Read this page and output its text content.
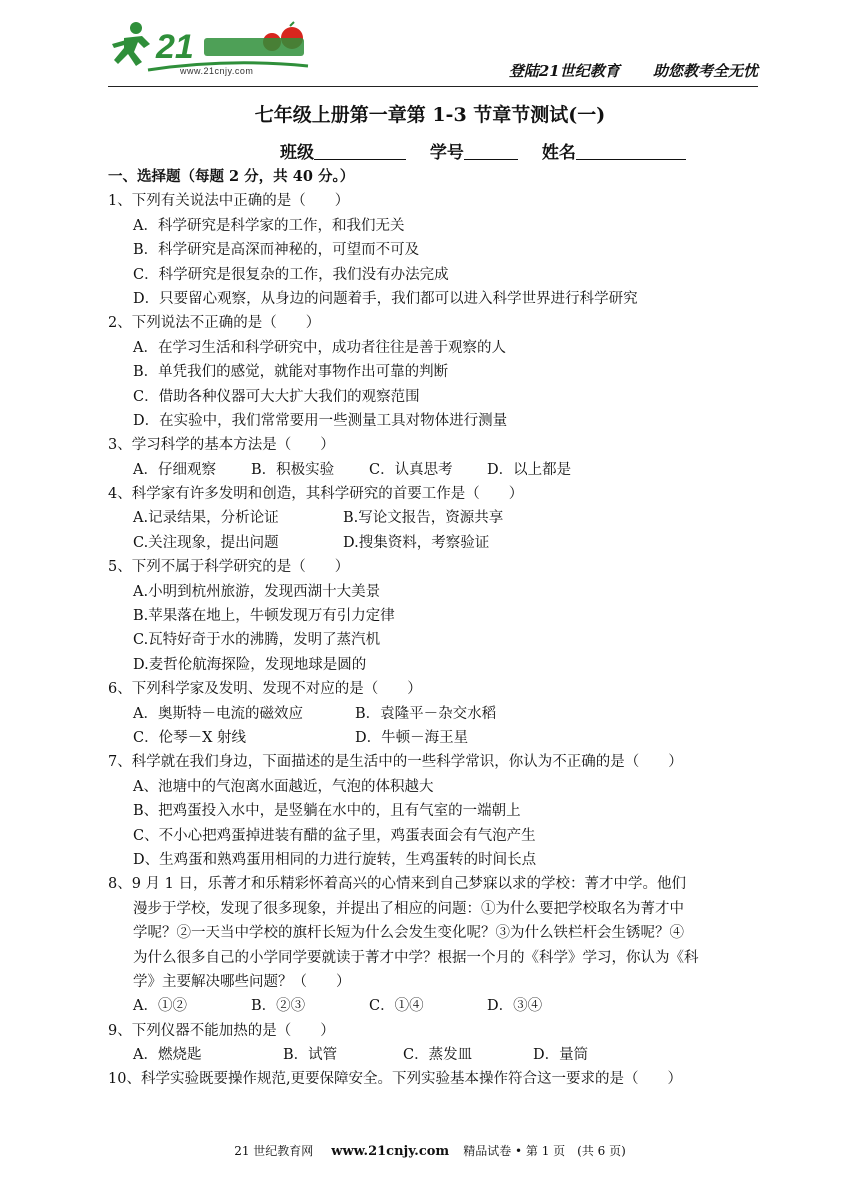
21
www.21cnjy.com	登陆21世纪教育 助您教考全无忧
七年级上册第一章第 1-3 节章节测试(一)
班级	学号	姓名
一、选择题（每题 2 分，共 40 分。）
1、下列有关说法中正确的是（　　）
A．科学研究是科学家的工作，和我们无关
B．科学研究是高深而神秘的，可望而不可及
C．科学研究是很复杂的工作，我们没有办法完成
D．只要留心观察，从身边的问题着手，我们都可以进入科学世界进行科学研究
2、下列说法不正确的是（　　）
A．在学习生活和科学研究中，成功者往往是善于观察的人
B．单凭我们的感觉，就能对事物作出可靠的判断
C．借助各种仪器可大大扩大我们的观察范围
D．在实验中，我们常常要用一些测量工具对物体进行测量
3、学习科学的基本方法是（　　）
A．仔细观察 B．积极实验 C．认真思考 D．以上都是
4、科学家有许多发明和创造，其科学研究的首要工作是（　　）
A.记录结果，分析论证	B.写论文报告，资源共享
C.关注现象，提出问题	D.搜集资料，考察验证
5、下列不属于科学研究的是（　　）
A.小明到杭州旅游，发现西湖十大美景
B.苹果落在地上，牛顿发现万有引力定律
C.瓦特好奇于水的沸腾，发明了蒸汽机
D.麦哲伦航海探险，发现地球是圆的
6、下列科学家及发明、发现不对应的是（　　）
A．奥斯特－电流的磁效应	B．袁隆平－杂交水稻
C．伦琴－X 射线	D．牛顿－海王星
7、科学就在我们身边，下面描述的是生活中的一些科学常识，你认为不正确的是（　　）
A、池塘中的气泡离水面越近，气泡的体积越大
B、把鸡蛋投入水中，是竖躺在水中的，且有气室的一端朝上
C、不小心把鸡蛋掉进装有醋的盆子里，鸡蛋表面会有气泡产生
D、生鸡蛋和熟鸡蛋用相同的力进行旋转，生鸡蛋转的时间长点
8、9 月 1 日，乐菁才和乐精彩怀着高兴的心情来到自己梦寐以求的学校：菁才中学。他们
漫步于学校，发现了很多现象，并提出了相应的问题：①为什么要把学校取名为菁才中
学呢？②一天当中学校的旗杆长短为什么会发生变化呢？③为什么铁栏杆会生锈呢？④
为什么很多自己的小学同学要就读于菁才中学？根据一个月的《科学》学习，你认为《科
学》主要解决哪些问题？（　　）
A．①②	B．②③	C．①④	D．③④
9、下列仪器不能加热的是（　　）
A．燃烧匙	B．试管	C．蒸发皿	D．量筒
10、科学实验既要操作规范,更要保障安全。下列实验基本操作符合这一要求的是（　　）
21 世纪教育网 www.21cnjy.com 精品试卷 • 第 1 页　(共 6 页)
